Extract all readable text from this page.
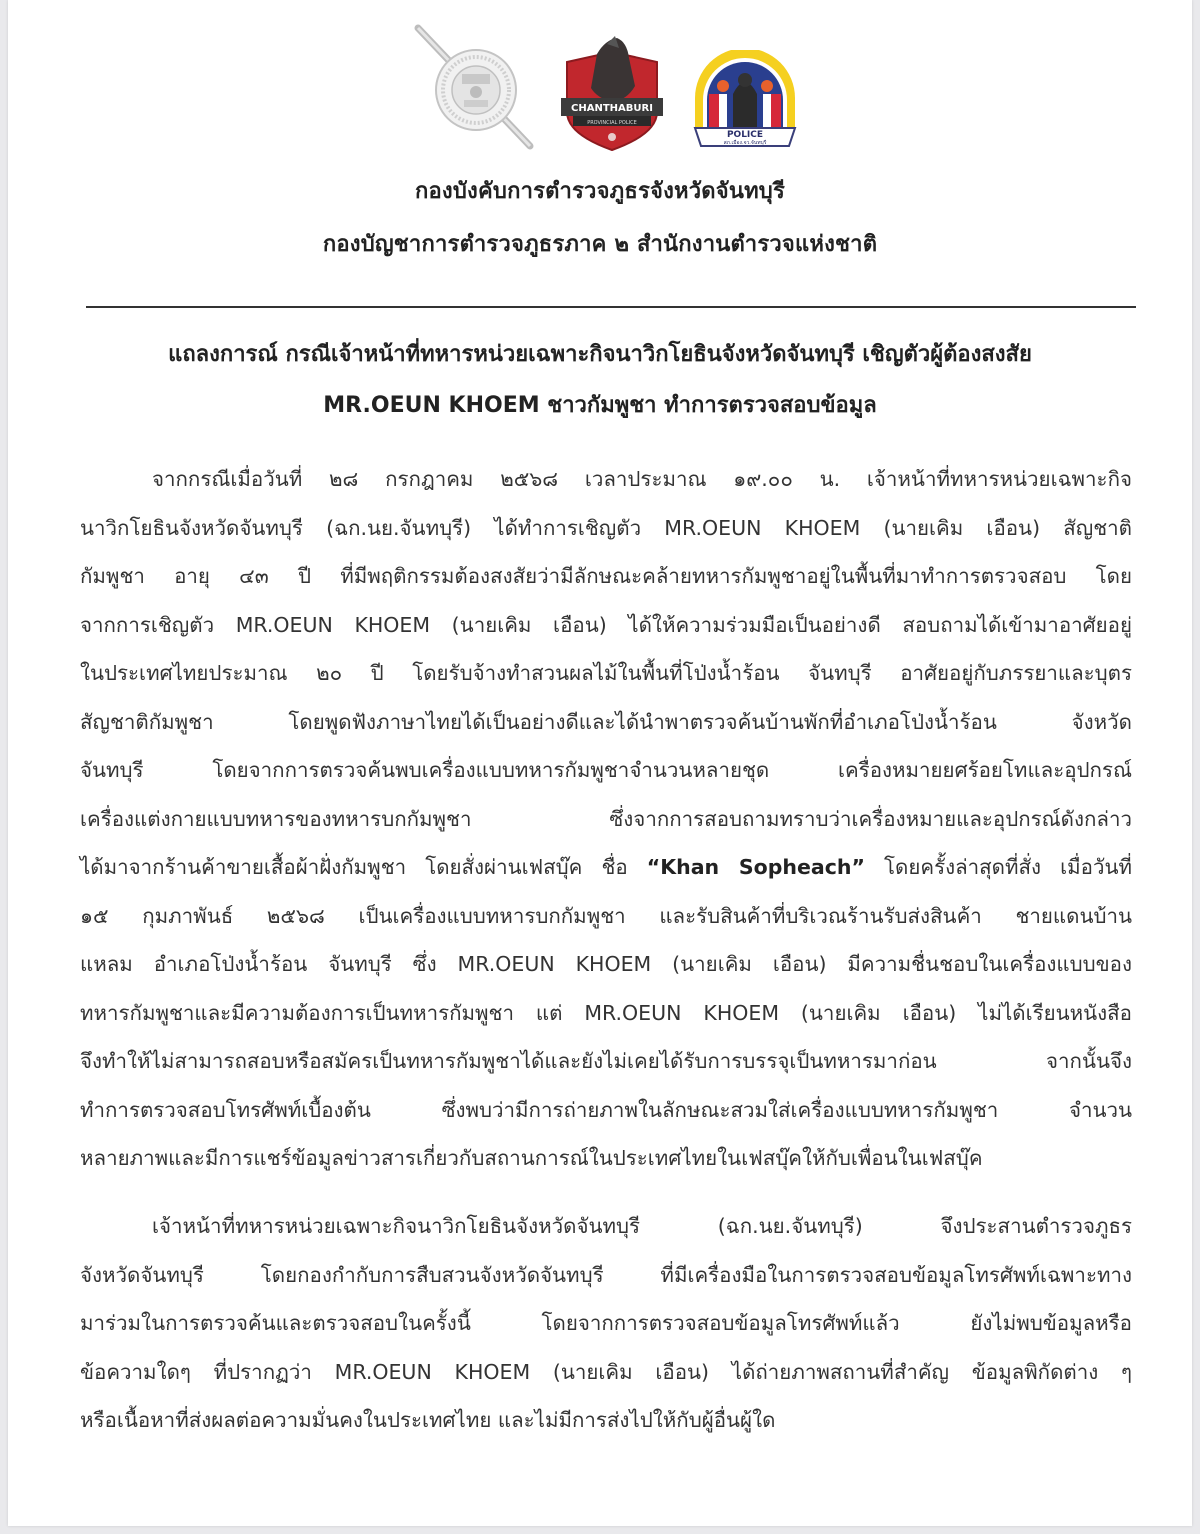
CHANTHABURI
PROVINCIAL POLICE
POLICE
สภ.เมือง.จว.จันทบุรี
กองบังคับการตำรวจภูธรจังหวัดจันทบุรี
กองบัญชาการตำรวจภูธรภาค ๒ สำนักงานตำรวจแห่งชาติ
แถลงการณ์ กรณีเจ้าหน้าที่ทหารหน่วยเฉพาะกิจนาวิกโยธินจังหวัดจันทบุรี เชิญตัวผู้ต้องสงสัย
MR.OEUN KHOEM ชาวกัมพูชา ทำการตรวจสอบข้อมูล
จากกรณีเมื่อวันที่ ๒๘ กรกฎาคม ๒๕๖๘ เวลาประมาณ ๑๙.๐๐ น. เจ้าหน้าที่ทหารหน่วยเฉพาะกิจ
นาวิกโยธินจังหวัดจันทบุรี (ฉก.นย.จันทบุรี) ได้ทำการเชิญตัว MR.OEUN KHOEM (นายเคิม เอือน) สัญชาติ
กัมพูชา อายุ ๔๓ ปี ที่มีพฤติกรรมต้องสงสัยว่ามีลักษณะคล้ายทหารกัมพูชาอยู่ในพื้นที่มาทำการตรวจสอบ โดย
จากการเชิญตัว MR.OEUN KHOEM (นายเคิม เอือน) ได้ให้ความร่วมมือเป็นอย่างดี สอบถามได้เข้ามาอาศัยอยู่
ในประเทศไทยประมาณ ๒๐ ปี โดยรับจ้างทำสวนผลไม้ในพื้นที่โป่งน้ำร้อน จันทบุรี อาศัยอยู่กับภรรยาและบุตร
สัญชาติกัมพูชา โดยพูดฟังภาษาไทยได้เป็นอย่างดีและได้นำพาตรวจค้นบ้านพักที่อำเภอโป่งน้ำร้อน จังหวัด
จันทบุรี โดยจากการตรวจค้นพบเครื่องแบบทหารกัมพูชาจำนวนหลายชุด เครื่องหมายยศร้อยโทและอุปกรณ์
เครื่องแต่งกายแบบทหารของทหารบกกัมพูชา ซึ่งจากการสอบถามทราบว่าเครื่องหมายและอุปกรณ์ดังกล่าว
ได้มาจากร้านค้าขายเสื้อผ้าฝั่งกัมพูชา โดยสั่งผ่านเฟสบุ๊ค ชื่อ “Khan Sopheach” โดยครั้งล่าสุดที่สั่ง เมื่อวันที่
๑๕ กุมภาพันธ์ ๒๕๖๘ เป็นเครื่องแบบทหารบกกัมพูชา และรับสินค้าที่บริเวณร้านรับส่งสินค้า ชายแดนบ้าน
แหลม อำเภอโป่งน้ำร้อน จันทบุรี ซึ่ง MR.OEUN KHOEM (นายเคิม เอือน) มีความชื่นชอบในเครื่องแบบของ
ทหารกัมพูชาและมีความต้องการเป็นทหารกัมพูชา แต่ MR.OEUN KHOEM (นายเคิม เอือน) ไม่ได้เรียนหนังสือ
จึงทำให้ไม่สามารถสอบหรือสมัครเป็นทหารกัมพูชาได้และยังไม่เคยได้รับการบรรจุเป็นทหารมาก่อน จากนั้นจึง
ทำการตรวจสอบโทรศัพท์เบื้องต้น ซึ่งพบว่ามีการถ่ายภาพในลักษณะสวมใส่เครื่องแบบทหารกัมพูชา จำนวน
หลายภาพและมีการแชร์ข้อมูลข่าวสารเกี่ยวกับสถานการณ์ในประเทศไทยในเฟสบุ๊คให้กับเพื่อนในเฟสบุ๊ค
เจ้าหน้าที่ทหารหน่วยเฉพาะกิจนาวิกโยธินจังหวัดจันทบุรี (ฉก.นย.จันทบุรี) จึงประสานตำรวจภูธร
จังหวัดจันทบุรี โดยกองกำกับการสืบสวนจังหวัดจันทบุรี ที่มีเครื่องมือในการตรวจสอบข้อมูลโทรศัพท์เฉพาะทาง
มาร่วมในการตรวจค้นและตรวจสอบในครั้งนี้ โดยจากการตรวจสอบข้อมูลโทรศัพท์แล้ว ยังไม่พบข้อมูลหรือ
ข้อความใดๆ ที่ปรากฏว่า MR.OEUN KHOEM (นายเคิม เอือน) ได้ถ่ายภาพสถานที่สำคัญ ข้อมูลพิกัดต่าง ๆ
หรือเนื้อหาที่ส่งผลต่อความมั่นคงในประเทศไทย และไม่มีการส่งไปให้กับผู้อื่นผู้ใด
